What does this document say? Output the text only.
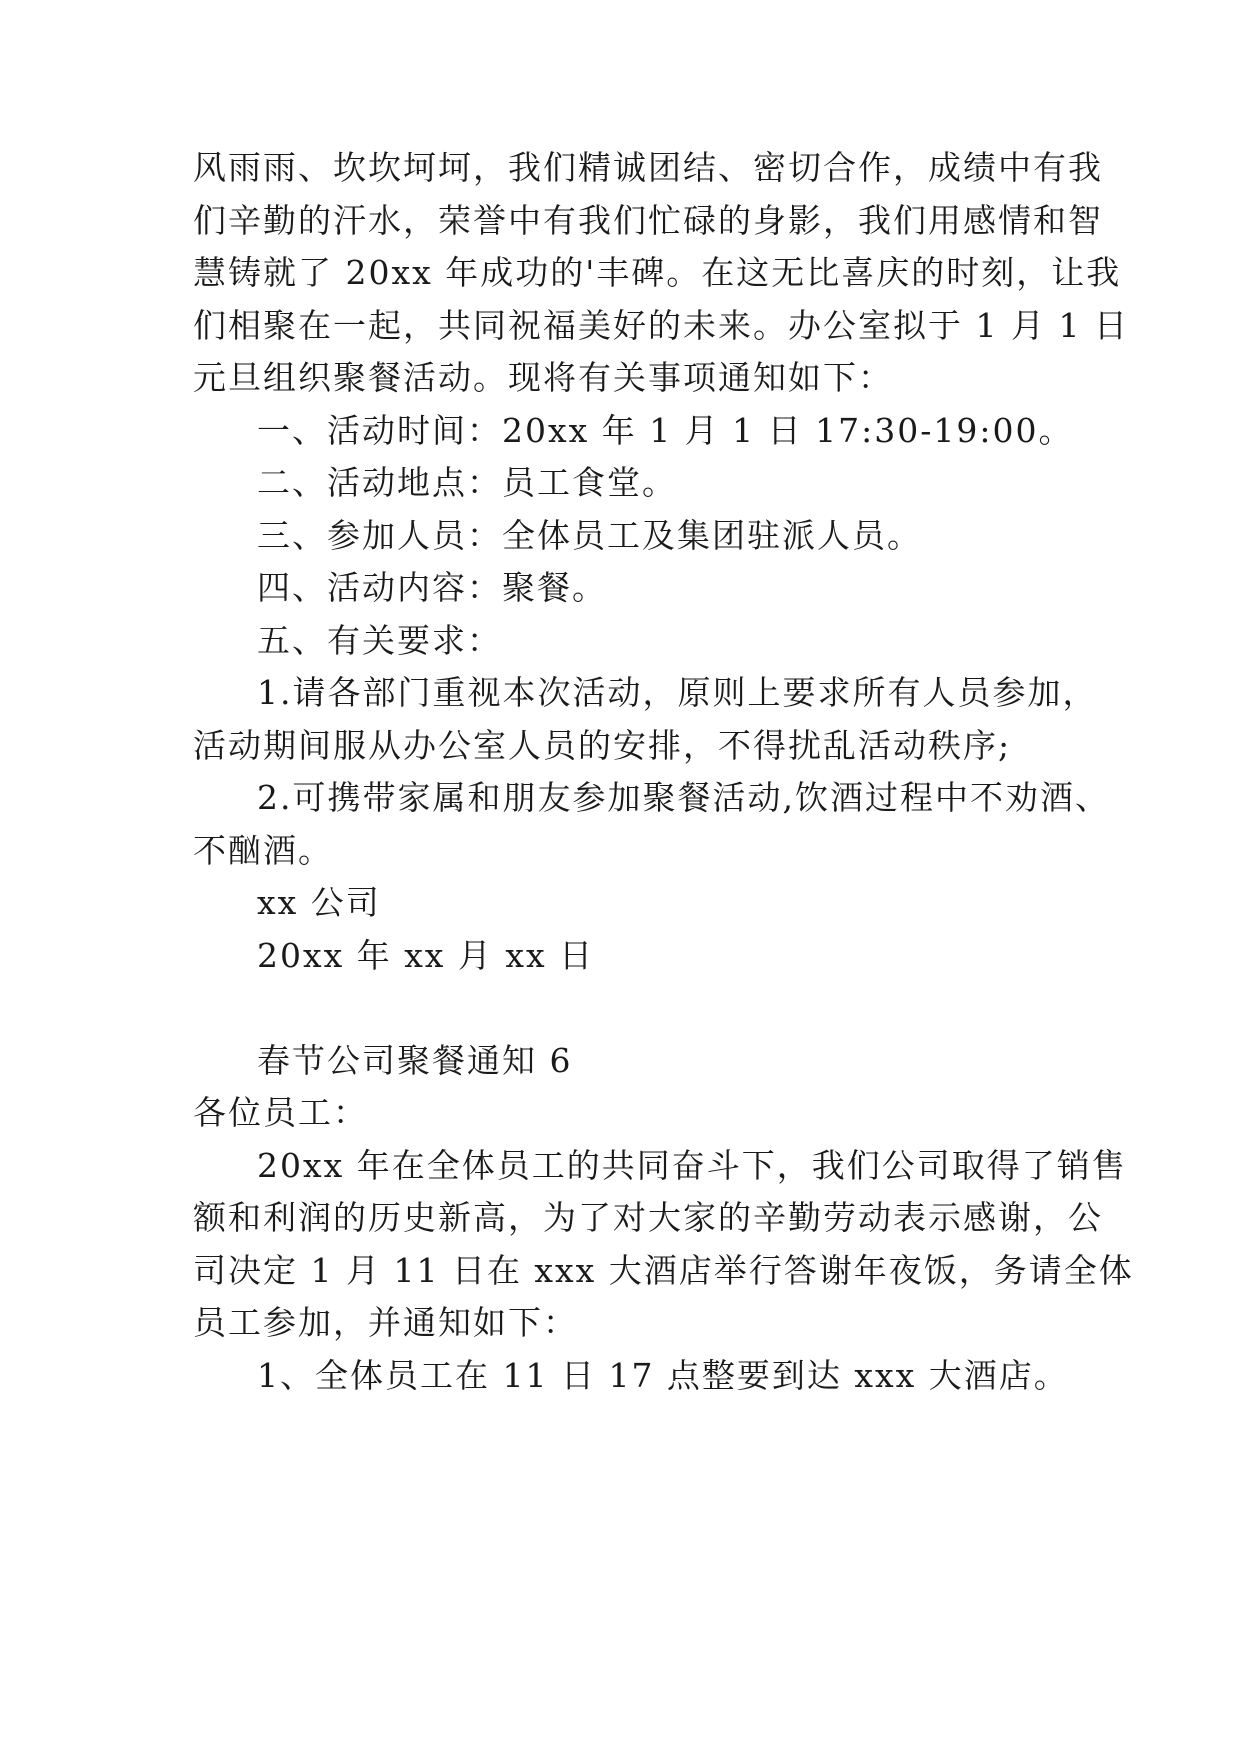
风雨雨、坎坎坷坷，我们精诚团结、密切合作，成绩中有我
们辛勤的汗水，荣誉中有我们忙碌的身影，我们用感情和智
慧铸就了 20xx 年成功的'丰碑。在这无比喜庆的时刻，让我
们相聚在一起，共同祝福美好的未来。办公室拟于 1 月 1 日
元旦组织聚餐活动。现将有关事项通知如下：
一、活动时间：20xx 年 1 月 1 日 17:30-19:00。
二、活动地点：员工食堂。
三、参加人员：全体员工及集团驻派人员。
四、活动内容：聚餐。
五、有关要求：
1.请各部门重视本次活动，原则上要求所有人员参加，
活动期间服从办公室人员的安排，不得扰乱活动秩序;
2.可携带家属和朋友参加聚餐活动,饮酒过程中不劝酒、
不酗酒。
xx 公司
20xx 年 xx 月 xx 日
春节公司聚餐通知 6
各位员工：
20xx 年在全体员工的共同奋斗下，我们公司取得了销售
额和利润的历史新高，为了对大家的辛勤劳动表示感谢，公
司决定 1 月 11 日在 xxx 大酒店举行答谢年夜饭，务请全体
员工参加，并通知如下：
1、全体员工在 11 日 17 点整要到达 xxx 大酒店。
